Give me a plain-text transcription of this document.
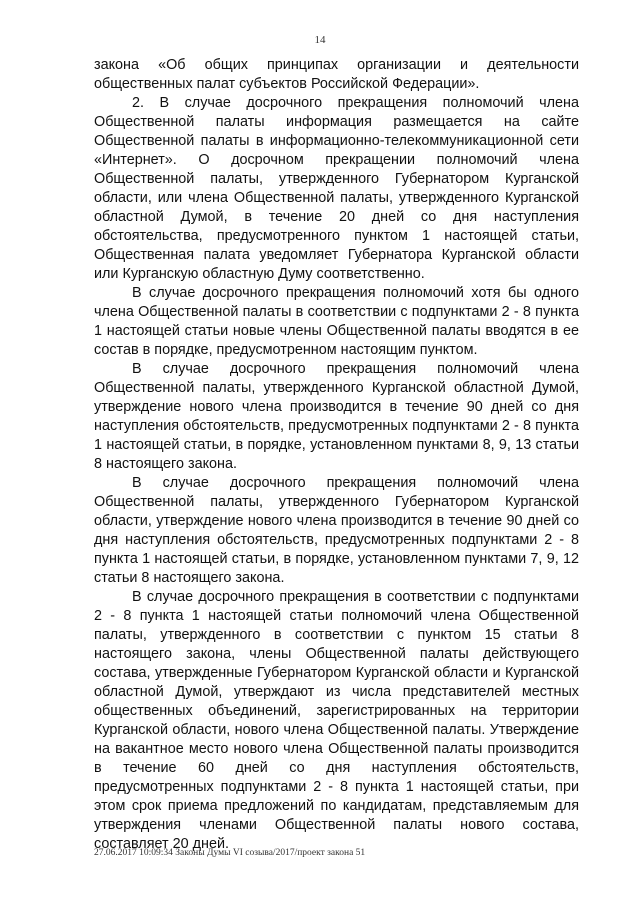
14

закона «Об общих принципах организации и деятельности общественных палат субъектов Российской Федерации».

2. В случае досрочного прекращения полномочий члена Общественной палаты информация размещается на сайте Общественной палаты в информационно-телекоммуникационной сети «Интернет». О досрочном прекращении полномочий члена Общественной палаты, утвержденного Губернатором Курганской области, или члена Общественной палаты, утвержденного Курганской областной Думой, в течение 20 дней со дня наступления обстоятельства, предусмотренного пунктом 1 настоящей статьи, Общественная палата уведомляет Губернатора Курганской области или Курганскую областную Думу соответственно.

В случае досрочного прекращения полномочий хотя бы одного члена Общественной палаты в соответствии с подпунктами 2 - 8 пункта 1 настоящей статьи новые члены Общественной палаты вводятся в ее состав в порядке, предусмотренном настоящим пунктом.

В случае досрочного прекращения полномочий члена Общественной палаты, утвержденного Курганской областной Думой, утверждение нового члена производится в течение 90 дней со дня наступления обстоятельств, предусмотренных подпунктами 2 - 8 пункта 1 настоящей статьи, в порядке, установленном пунктами 8, 9, 13 статьи 8 настоящего закона.

В случае досрочного прекращения полномочий члена Общественной палаты, утвержденного Губернатором Курганской области, утверждение нового члена производится в течение 90 дней со дня наступления обстоятельств, предусмотренных подпунктами 2 - 8 пункта 1 настоящей статьи, в порядке, установленном пунктами 7, 9, 12 статьи 8 настоящего закона.

В случае досрочного прекращения в соответствии с подпунктами 2 - 8 пункта 1 настоящей статьи полномочий члена Общественной палаты, утвержденного в соответствии с пунктом 15 статьи 8 настоящего закона, члены Общественной палаты действующего состава, утвержденные Губернатором Курганской области и Курганской областной Думой, утверждают из числа представителей местных общественных объединений, зарегистрированных на территории Курганской области, нового члена Общественной палаты. Утверждение на вакантное место нового члена Общественной палаты производится в течение 60 дней со дня наступления обстоятельств, предусмотренных подпунктами 2 - 8 пункта 1 настоящей статьи, при этом срок приема предложений по кандидатам, представляемым для утверждения членами Общественной палаты нового состава, составляет 20 дней.

27.06.2017 10:09:34 Законы Думы VI созыва/2017/проект закона 51
